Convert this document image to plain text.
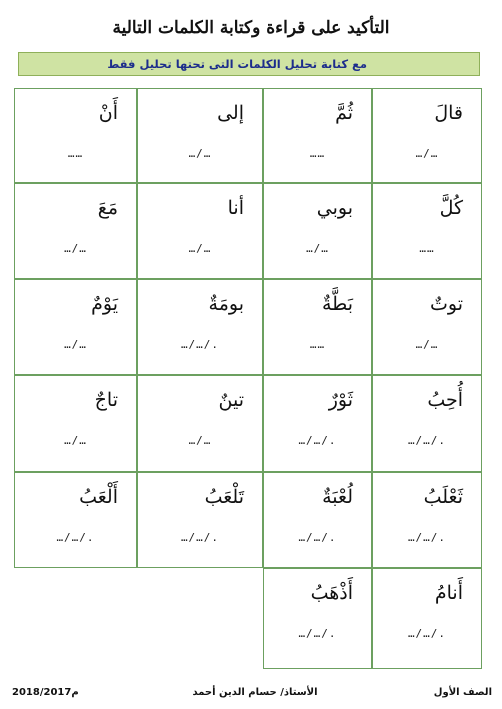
التأكيد على قراءة وكتابة الكلمات التالية
مع كتابة تحليل الكلمات التى تحتها تحليل فقط
قالَ
…/…
ثُمَّ
……
إلى
…/…
أَنْ
……
كُلَّ
……
بوبي
…/…
أنا
…/…
مَعَ
…/…
توتٌ
…/…
بَطَّةٌ
……
بومَةٌ
…/…/.
يَوْمٌ
…/…
أُحِبُ
…/…/.
ثَوْرٌ
…/…/.
تينٌ
…/…
تاجٌ
…/…
ثَعْلَبُ
…/…/.
لُعْبَةٌ
…/…/.
تَلْعَبُ
…/…/.
أَلْعَبُ
…/…/.
أَنامُ
…/…/.
أَذْهَبُ
…/…/.
الصف الأول
الأستاذ/ حسام الدين أحمد
2018/2017م
